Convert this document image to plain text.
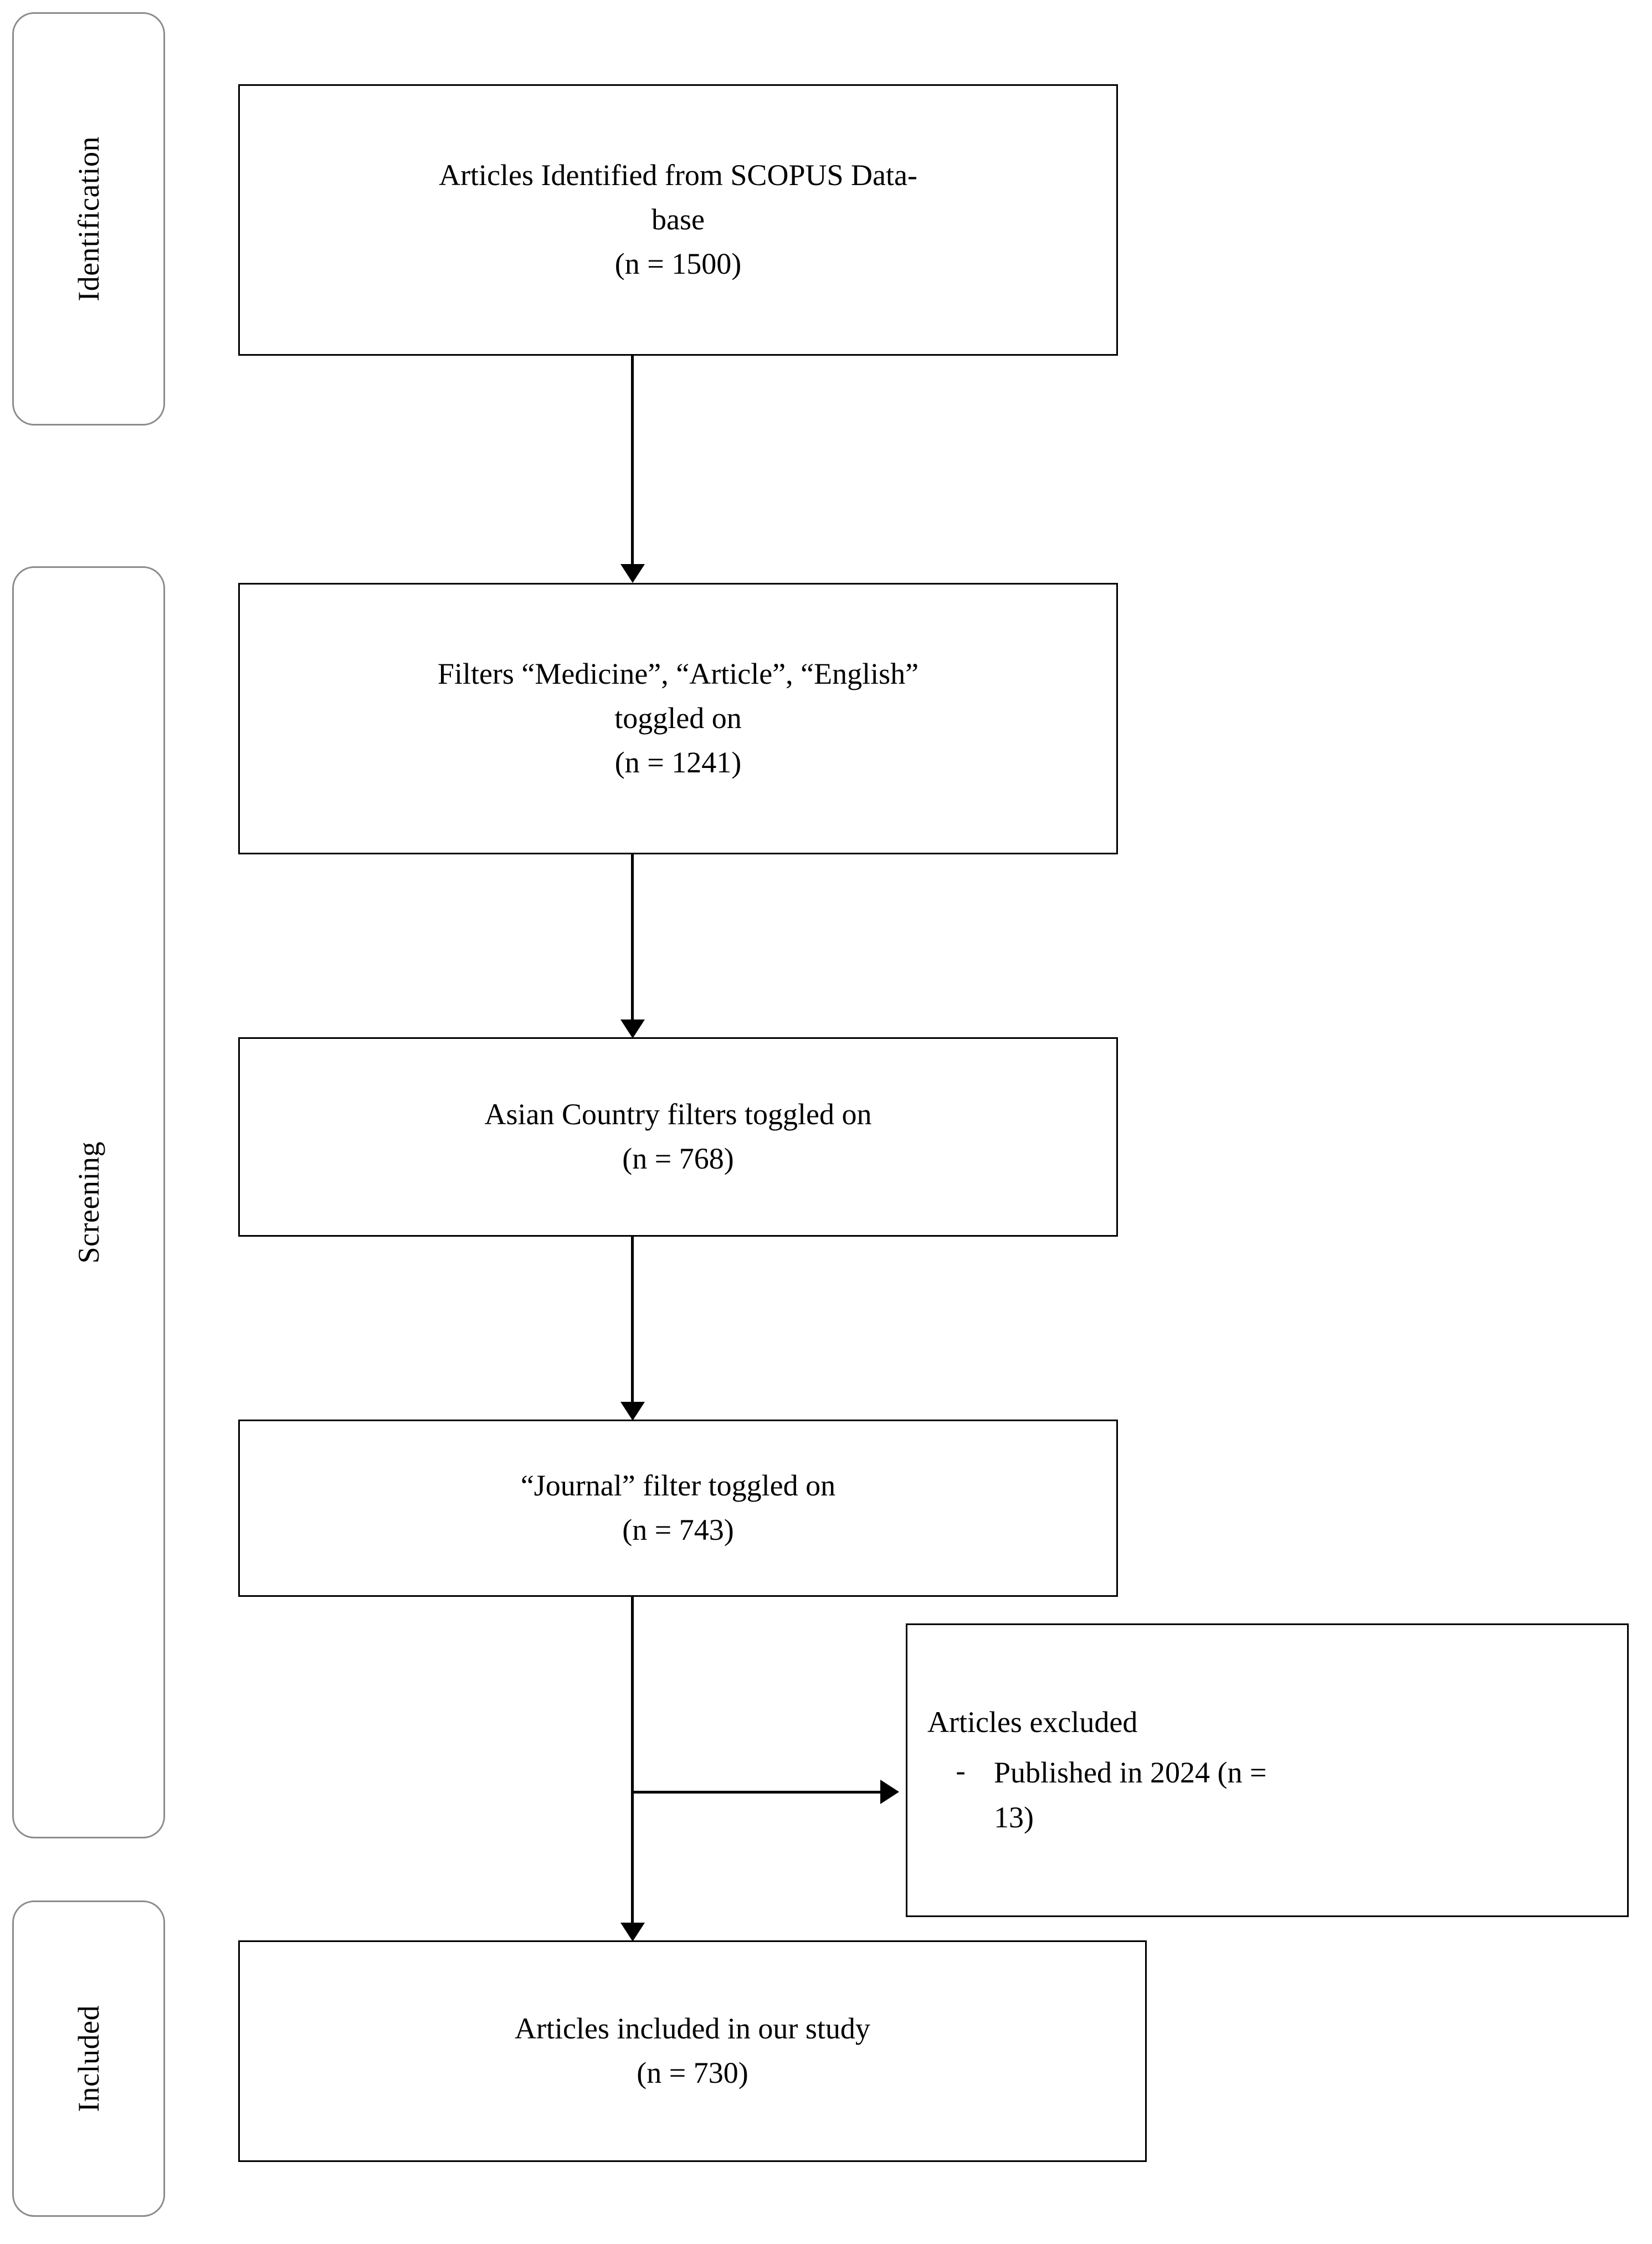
Identification
Screening
Included
Articles Identified from SCOPUS Data-
base
(n = 1500)
Filters “Medicine”, “Article”, “English”
toggled on
(n = 1241)
Asian Country filters toggled on
(n = 768)
“Journal” filter toggled on
(n = 743)
Articles excluded
- Published in 2024 (n =
13)
Articles included in our study
(n = 730)
